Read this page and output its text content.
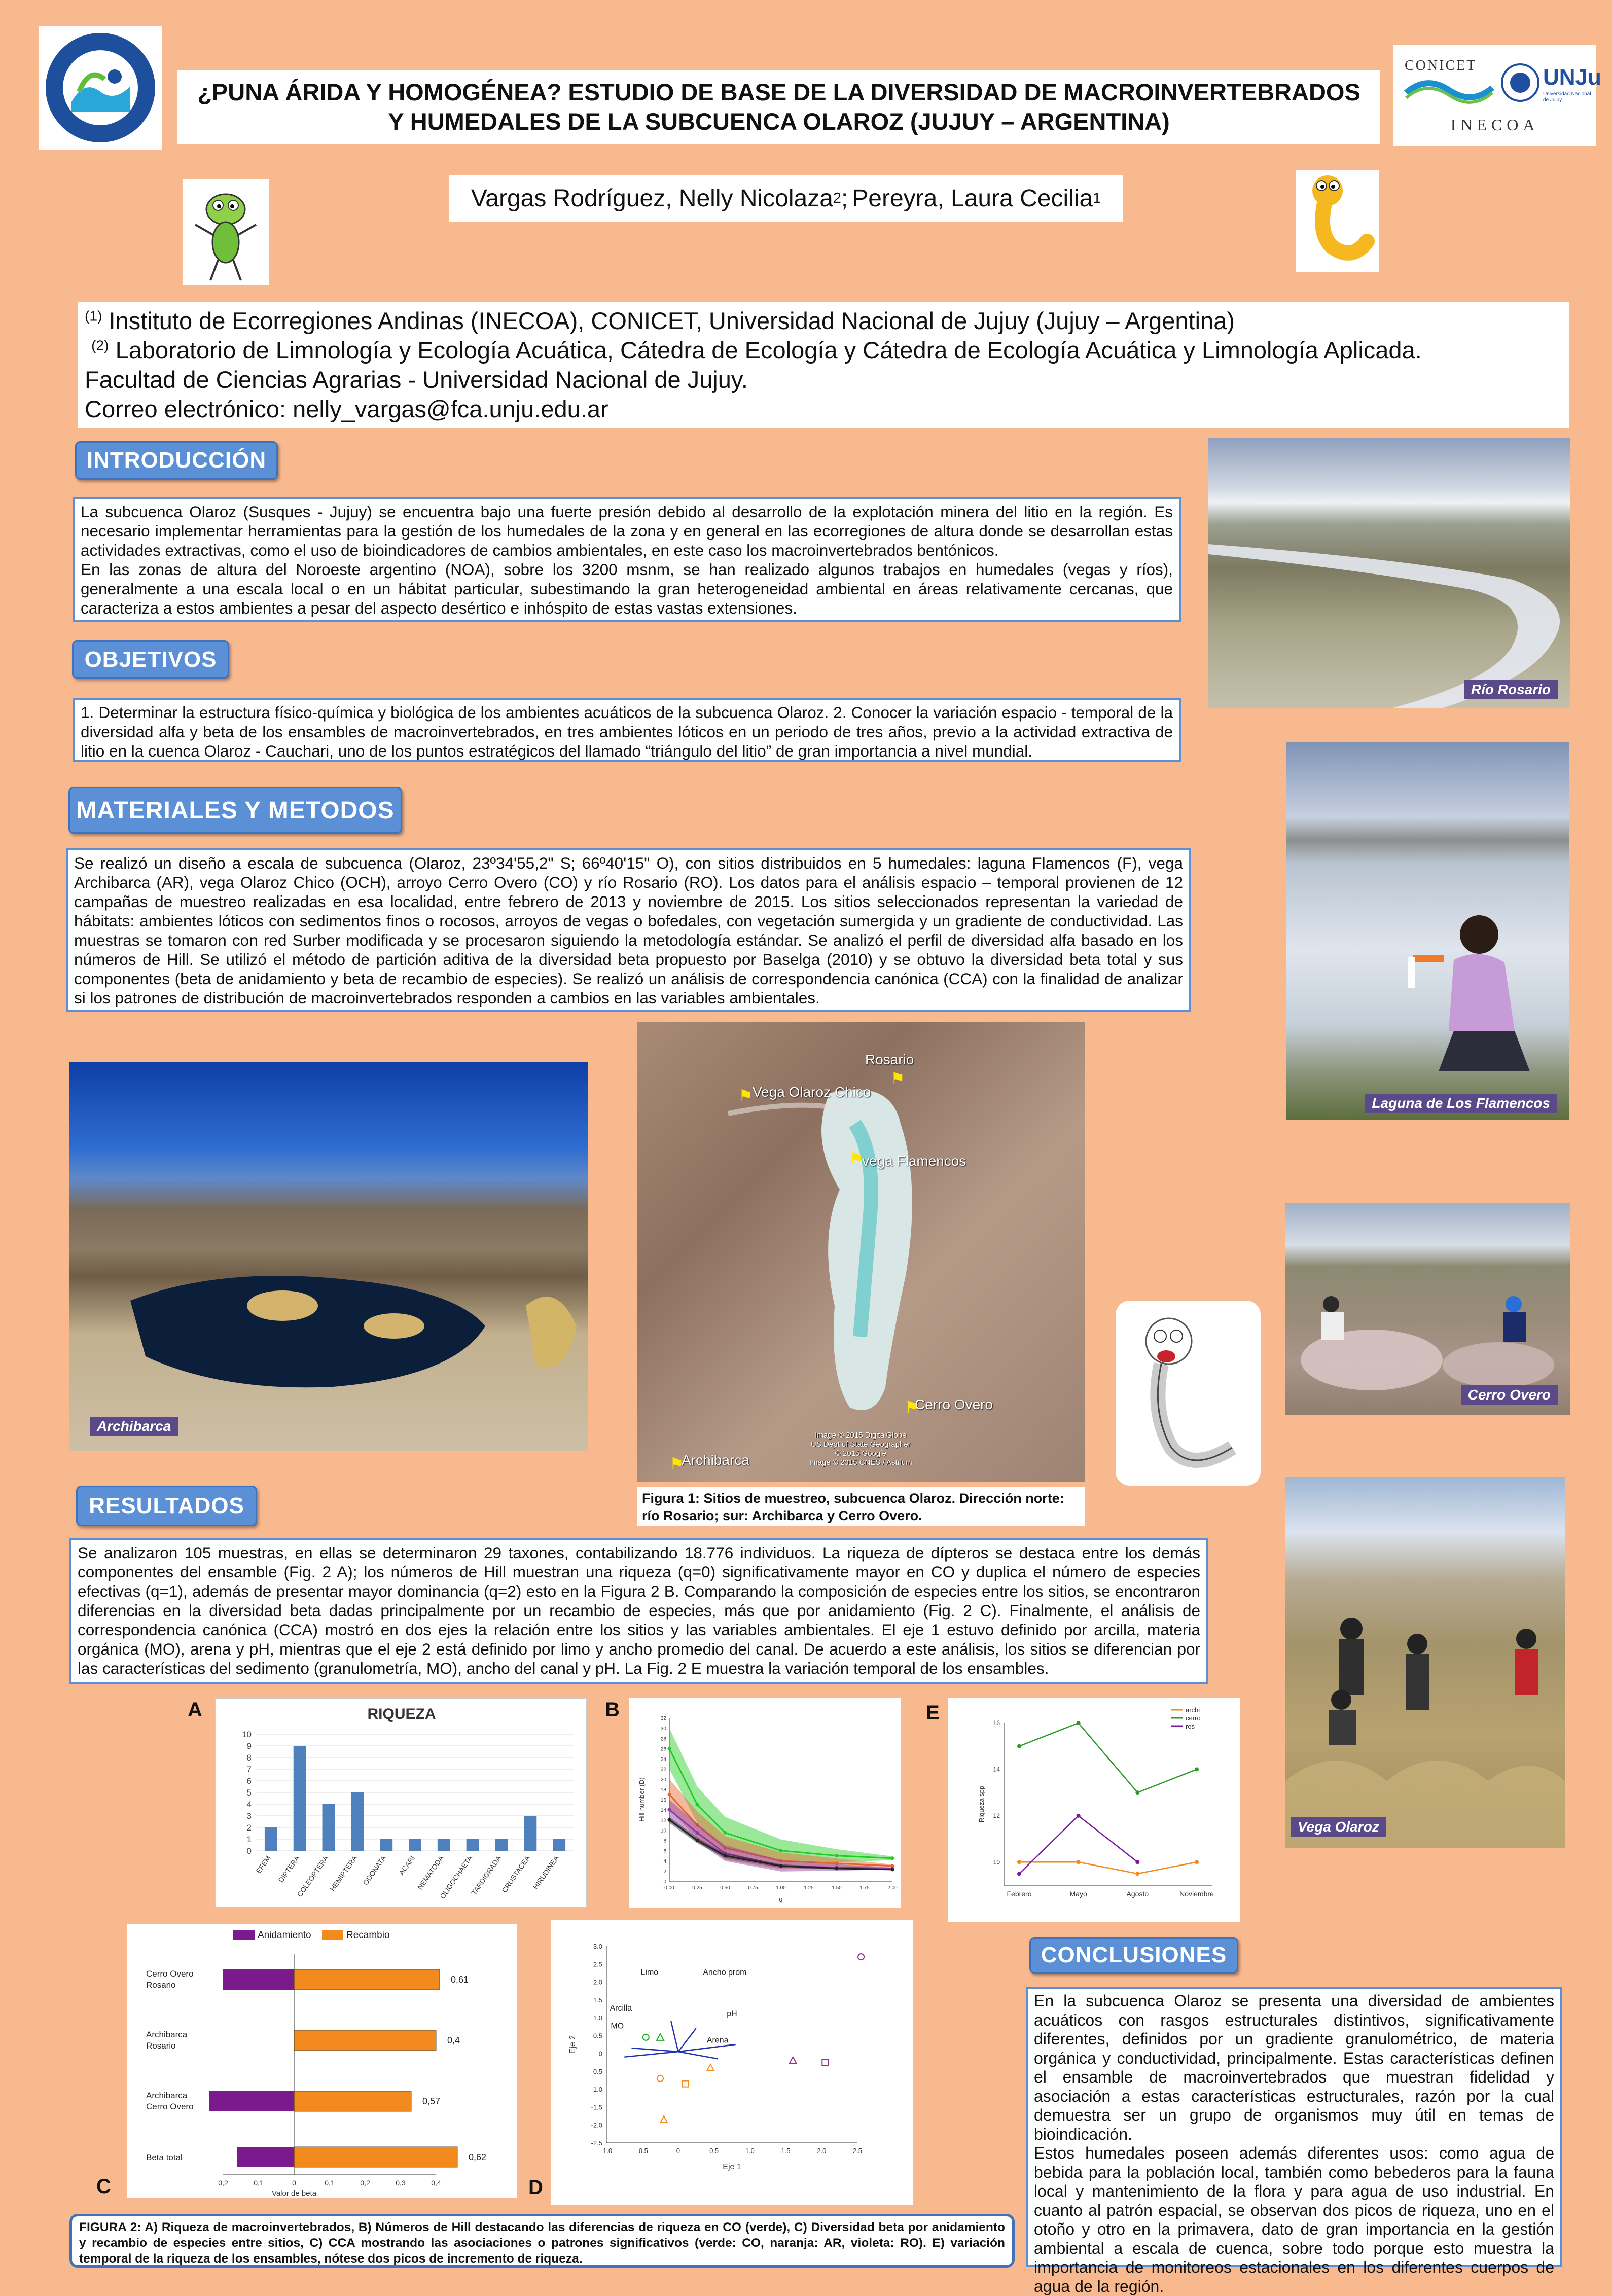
¿PUNA ÁRIDA Y HOMOGÉNEA? ESTUDIO DE BASE DE LA DIVERSIDAD DE MACROINVERTEBRADOS
Y HUMEDALES DE LA SUBCUENCA OLAROZ (JUJUY – ARGENTINA)
CONICET	UNJu
Universidad Nacional de Jujuy
INECOA
Vargas Rodríguez, Nelly Nicolaza 2 ; Pereyra, Laura Cecilia 1
$^{(1)}$ Instituto de Ecorregiones Andinas (INECOA), CONICET, Universidad Nacional de Jujuy (Jujuy – Argentina)
$^{(2)}$ Laboratorio de Limnología y Ecología Acuática, Cátedra de Ecología y Cátedra de Ecología Acuática y Limnología Aplicada.
Facultad de Ciencias Agrarias - Universidad Nacional de Jujuy.
Correo electrónico: nelly_vargas@fca.unju.edu.ar
INTRODUCCIÓN
La subcuenca Olaroz (Susques - Jujuy) se encuentra bajo una fuerte presión debido al desarrollo de la explotación minera del litio en la región. Es necesario implementar herramientas para la gestión de los humedales de la zona y en general en las ecorregiones de altura donde se desarrollan estas actividades extractivas, como el uso de bioindicadores de cambios ambientales, en este caso los macroinvertebrados bentónicos.
En las zonas de altura del Noroeste argentino (NOA), sobre los 3200 msnm, se han realizado algunos trabajos en humedales (vegas y ríos), generalmente a una escala local o en un hábitat particular, subestimando la gran heterogeneidad ambiental en áreas relativamente cercanas, que caracteriza a estos ambientes a pesar del aspecto desértico e inhóspito de estas vastas extensiones.
OBJETIVOS
1. Determinar la estructura físico-química y biológica de los ambientes acuáticos de la subcuenca Olaroz. 2. Conocer la variación espacio - temporal de la diversidad alfa y beta de los ensambles de macroinvertebrados, en tres ambientes lóticos en un periodo de tres años, previo a la actividad extractiva de litio en la cuenca Olaroz - Cauchari, uno de los puntos estratégicos del llamado “triángulo del litio” de gran importancia a nivel mundial.
MATERIALES Y METODOS
Se realizó un diseño a escala de subcuenca (Olaroz, 23º34'55,2" S; 66º40'15" O), con sitios distribuidos en 5 humedales: laguna Flamencos (F), vega Archibarca (AR), vega Olaroz Chico (OCH), arroyo Cerro Overo (CO) y río Rosario (RO). Los datos para el análisis espacio – temporal provienen de 12 campañas de muestreo realizadas en esa localidad, entre febrero de 2013 y noviembre de 2015. Los sitios seleccionados representan la variedad de hábitats: ambientes lóticos con sedimentos finos o rocosos, arroyos de vegas o bofedales, con vegetación sumergida y un gradiente de conductividad. Las muestras se tomaron con red Surber modificada y se procesaron siguiendo la metodología estándar. Se analizó el perfil de diversidad alfa basado en los números de Hill. Se utilizó el método de partición aditiva de la diversidad beta propuesto por Baselga (2010) y se obtuvo la diversidad beta total y sus componentes (beta de anidamiento y beta de recambio de especies). Se realizó un análisis de correspondencia canónica (CCA) con la finalidad de analizar si los patrones de distribución de macroinvertebrados responden a cambios en las variables ambientales.
Río Rosario
Laguna de Los Flamencos
Cerro Overo
Vega Olaroz
Archibarca
Rosario
Vega Olaroz Chico
vega Flamencos
Cerro Overo
Archibarca
⚑
⚑
⚑
⚑
⚑
Image © 2015 DigitalGlobe
US Dept of State Geographer
© 2015 Google
Image © 2015 CNES / Astrium
Figura 1: Sitios de muestreo, subcuenca Olaroz. Dirección norte: río Rosario; sur: Archibarca y Cerro Overo.
RESULTADOS
Se analizaron 105 muestras, en ellas se determinaron 29 taxones, contabilizando 18.776 individuos. La riqueza de dípteros se destaca entre los demás componentes del ensamble (Fig. 2 A); los números de Hill muestran una riqueza (q=0) significativamente mayor en CO y duplica el número de especies efectivas (q=1), además de presentar mayor dominancia (q=2) esto en la Figura 2 B. Comparando la composición de especies entre los sitios, se encontraron diferencias en la diversidad beta dadas principalmente por un recambio de especies, más que por anidamiento (Fig. 2 C). Finalmente, el análisis de correspondencia canónica (CCA) mostró en dos ejes la relación entre los sitios y las variables ambientales. El eje 1 estuvo definido por arcilla, materia orgánica (MO), arena y pH, mientras que el eje 2 está definido por limo y ancho promedio del canal. De acuerdo a este análisis, los sitios se diferencian por las características del sedimento (granulometría, MO), ancho del canal y pH. La Fig. 2 E muestra la variación temporal de los ensambles.
A	B	E
C	D
RIQUEZA
0
1
2
3
4
5
6
7
8
9
10
EFEM DIPTERA
COLEOPTERA
HEMIPTERA ODONATA ACARI
NEMATODA
OLIGOCHAETA
TARDIGRADA
CRUSTACEA HIRUDINEA	0
2
4
6
8
10
12
14
16
18
20
22
24
26
28
30
32
0.00	0.25	0.50	0.75	1.00	1.25	1.50	1.75	2.00
q
Hill number (D)
10
12
14
16
Riqueza spp
Febrero	Mayo	Agosto	Noviembre
archi
cerro
ros
Anidamiento	Recambio
0,61
Cerro Overo
Rosario
0,4
Archibarca
Rosario
0,57
Archibarca
Cerro Overo
0,62
Beta total
0,2	0,1	0	0,1	0,2	0,3	0,4
Valor de beta
-1.0	-0.5	0	0.5	1.0	1.5	2.0	2.5
3.0
2.5
2.0
1.5
1.0
0.5
0
-0.5
-1.0
-1.5
-2.0
-2.5
Eje 1
Eje 2
Limo	Ancho prom
Arcilla
pH
MO
Arena
CONCLUSIONES
En la subcuenca Olaroz se presenta una diversidad de ambientes acuáticos con rasgos estructurales distintivos, significativamente diferentes, definidos por un gradiente granulométrico, de materia orgánica y conductividad, principalmente. Estas características definen el ensamble de macroinvertebrados que muestran fidelidad y asociación a estas características estructurales, razón por la cual demuestra ser un grupo de organismos muy útil en temas de bioindicación.
Estos humedales poseen además diferentes usos: como agua de bebida para la población local, también como bebederos para la fauna local y mantenimiento de la flora y para agua de uso industrial. En cuanto al patrón espacial, se observan dos picos de riqueza, uno en el otoño y otro en la primavera, dato de gran importancia en la gestión ambiental a escala de cuenca, sobre todo porque esto muestra la importancia de monitoreos estacionales en los diferentes cuerpos de agua de la región.
FIGURA 2: A) Riqueza de macroinvertebrados, B) Números de Hill destacando las diferencias de riqueza en CO (verde), C) Diversidad beta por anidamiento y recambio de especies entre sitios, C) CCA mostrando las asociaciones o patrones significativos (verde: CO, naranja: AR, violeta: RO). E) variación temporal de la riqueza de los ensambles, nótese dos picos de incremento de riqueza.
